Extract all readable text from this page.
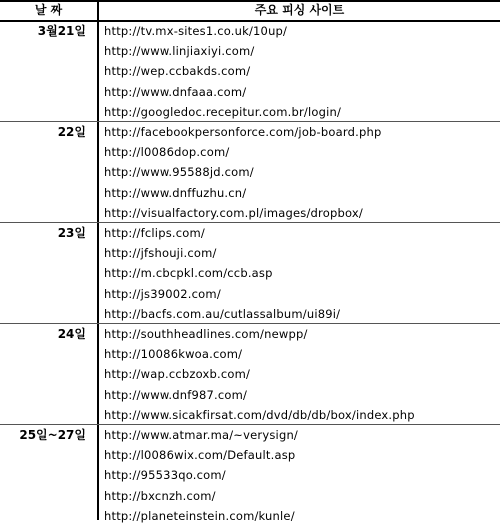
날 짜	주요 피싱 사이트
3월21일	http://tv.mx-sites1.co.uk/10up/
http://www.linjiaxiyi.com/
http://wep.ccbakds.com/
http://www.dnfaaa.com/
http://googledoc.recepitur.com.br/login/
22일	http://facebookpersonforce.com/job-board.php
http://l0086dop.com/
http://www.95588jd.com/
http://www.dnffuzhu.cn/
http://visualfactory.com.pl/images/dropbox/
23일	http://fclips.com/
http://jfshouji.com/
http://m.cbcpkl.com/ccb.asp
http://js39002.com/
http://bacfs.com.au/cutlassalbum/ui89i/
24일	http://southheadlines.com/newpp/
http://10086kwoa.com/
http://wap.ccbzoxb.com/
http://www.dnf987.com/
http://www.sicakfirsat.com/dvd/db/db/box/index.php
25일~27일	http://www.atmar.ma/~verysign/
http://l0086wix.com/Default.asp
http://95533qo.com/
http://bxcnzh.com/
http://planeteinstein.com/kunle/
